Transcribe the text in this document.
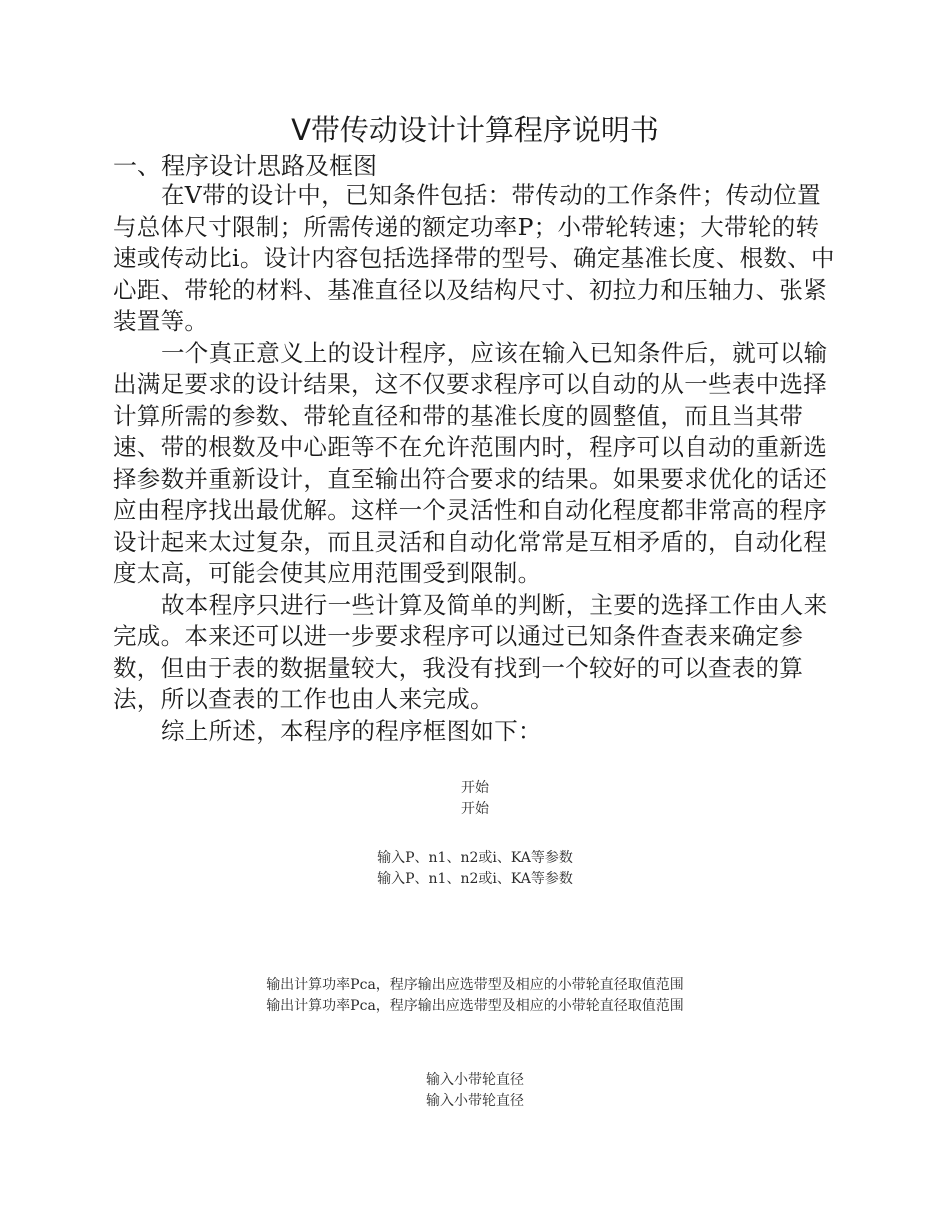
V带传动设计计算程序说明书
一、程序设计思路及框图

在V带的设计中，已知条件包括：带传动的工作条件；传动位置与总体尺寸限制；所需传递的额定功率P；小带轮转速；大带轮的转速或传动比i。设计内容包括选择带的型号、确定基准长度、根数、中心距、带轮的材料、基准直径以及结构尺寸、初拉力和压轴力、张紧装置等。

一个真正意义上的设计程序，应该在输入已知条件后，就可以输出满足要求的设计结果，这不仅要求程序可以自动的从一些表中选择计算所需的参数、带轮直径和带的基准长度的圆整值，而且当其带速、带的根数及中心距等不在允许范围内时，程序可以自动的重新选择参数并重新设计，直至输出符合要求的结果。如果要求优化的话还应由程序找出最优解。这样一个灵活性和自动化程度都非常高的程序设计起来太过复杂，而且灵活和自动化常常是互相矛盾的，自动化程度太高，可能会使其应用范围受到限制。

故本程序只进行一些计算及简单的判断，主要的选择工作由人来完成。本来还可以进一步要求程序可以通过已知条件查表来确定参数，但由于表的数据量较大，我没有找到一个较好的可以查表的算法，所以查表的工作也由人来完成。

综上所述，本程序的程序框图如下：

开始
开始
输入P、n1、n2或i、KA等参数
输入P、n1、n2或i、KA等参数
输出计算功率Pca，程序输出应选带型及相应的小带轮直径取值范围
输出计算功率Pca，程序输出应选带型及相应的小带轮直径取值范围
输入小带轮直径
输入小带轮直径
